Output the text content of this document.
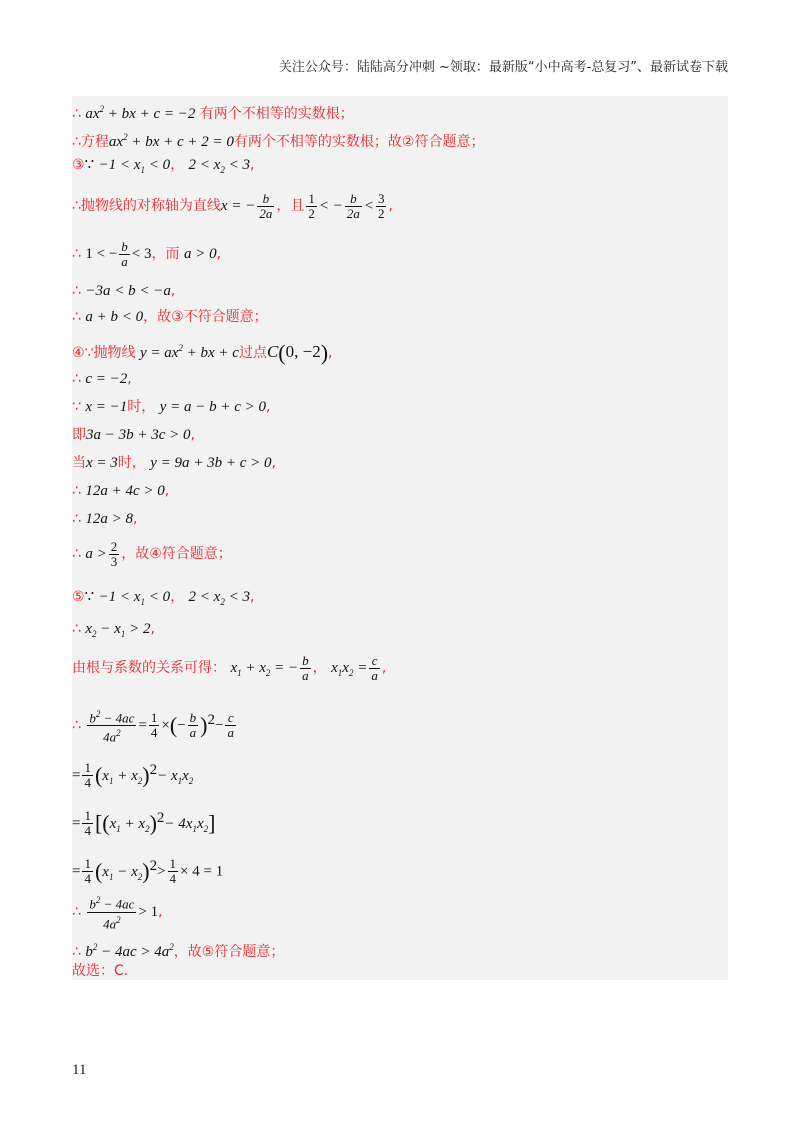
关注公众号：陆陆高分冲刺 ~领取：最新版“小中高考-总复习”、最新试卷下载
∴ $ax^2$ + bx + c = −2 有两个不相等的实数根；
∴方程$ax^2$ + bx + c + 2 = 0有两个不相等的实数根；故②符合题意；
③∵ $-1 < x_1 < 0$， $2 < x_2 < 3$,
∴抛物线的对称轴为直线x = − $\frac{b}{2a}$ ，且 $\frac{1}{2}$ < − $\frac{b}{2a} < \frac{3}{2}$ ,
∴ 1 < − $\frac{b}{a} < 3$，而 a > 0,
∴ −3a < b < −a,
∴ a + b < 0，故③不符合题意；
④∵抛物线 $y = ax^2$ + bx + c过点C(0, −2),
∴ c = −2,
∵ x = −1时， y = a − b + c > 0,
即3a − 3b + 3c > 0,
当x = 3时， y = 9a + 3b + c > 0,
∴ 12a + 4c > 0,
∴ 12a > 8,
∴ $a > \frac{2}{3}$ ，故④符合题意；
⑤∵ $-1 < x_1 < 0$， $2 < x_2 < 3$,
∴ $x_2 - x_1 > 2$,
由根与系数的关系可得： $x_1 + x_2$ = − $\frac{b}{a}$ ， $x_1x_2 = \frac{c}{a}$ ,
∴ $\frac{b^2 - 4ac}{4a^2} = \frac{1}{4}$ ×(− $\frac{b}{a} )^2- \frac{c}{a}$
= $\frac{1}{4} (x_1 + x_2)^2- x_1x_2$
= $\frac{1}{4} [(x_1 + x_2)^2- 4x_1x_2]$
= $\frac{1}{4} (x_1 - x_2)^2> \frac{1}{4} \times 4 = 1$
∴ $\frac{b^2 - 4ac}{4a^2} > 1$,
∴ $b^2 - 4ac > 4a^2$，故⑤符合题意；
故选：C．
11
